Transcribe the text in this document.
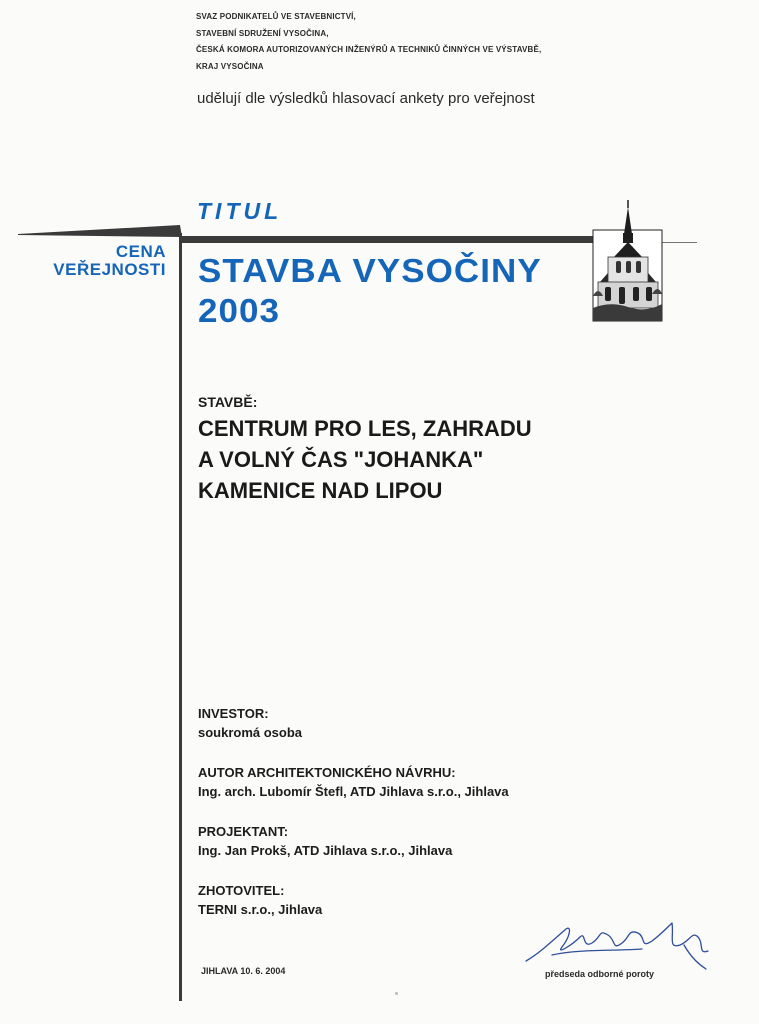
SVAZ PODNIKATELŮ VE STAVEBNICTVÍ,
STAVEBNÍ SDRUŽENÍ VYSOČINA,
ČESKÁ KOMORA AUTORIZOVANÝCH INŽENÝRŮ A TECHNIKŮ ČINNÝCH VE VÝSTAVBĚ,
KRAJ VYSOČINA
udělují dle výsledků hlasovací ankety pro veřejnost
TITUL
CENA
VEŘEJNOSTI STAVBA VYSOČINY
2003
STAVBĚ:
CENTRUM PRO LES, ZAHRADU
A VOLNÝ ČAS "JOHANKA"
KAMENICE NAD LIPOU
INVESTOR:
soukromá osoba
AUTOR ARCHITEKTONICKÉHO NÁVRHU:
Ing. arch. Lubomír Štefl, ATD Jihlava s.r.o., Jihlava
PROJEKTANT:
Ing. Jan Prokš, ATD Jihlava s.r.o., Jihlava
ZHOTOVITEL:
TERNI s.r.o., Jihlava
JIHLAVA 10. 6. 2004	předseda odborné poroty
